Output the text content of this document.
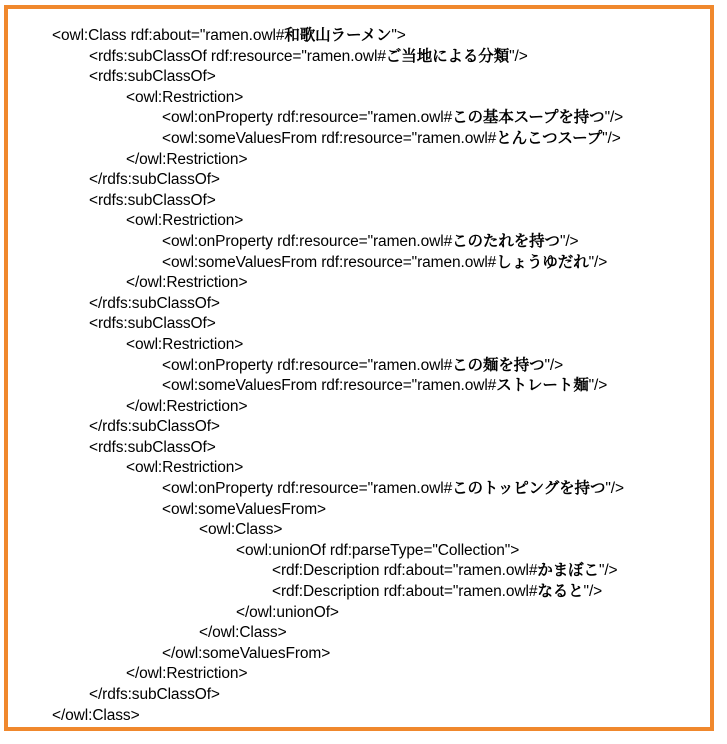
<owl:Class rdf:about="ramen.owl#和歌山ラーメン">
<rdfs:subClassOf rdf:resource="ramen.owl#ご当地による分類"/>
<rdfs:subClassOf>
<owl:Restriction>
<owl:onProperty rdf:resource="ramen.owl#この基本スープを持つ"/>
<owl:someValuesFrom rdf:resource="ramen.owl#とんこつスープ"/>
</owl:Restriction>
</rdfs:subClassOf>
<rdfs:subClassOf>
<owl:Restriction>
<owl:onProperty rdf:resource="ramen.owl#このたれを持つ"/>
<owl:someValuesFrom rdf:resource="ramen.owl#しょうゆだれ"/>
</owl:Restriction>
</rdfs:subClassOf>
<rdfs:subClassOf>
<owl:Restriction>
<owl:onProperty rdf:resource="ramen.owl#この麺を持つ"/>
<owl:someValuesFrom rdf:resource="ramen.owl#ストレート麺"/>
</owl:Restriction>
</rdfs:subClassOf>
<rdfs:subClassOf>
<owl:Restriction>
<owl:onProperty rdf:resource="ramen.owl#このトッピングを持つ"/>
<owl:someValuesFrom>
<owl:Class>
<owl:unionOf rdf:parseType="Collection">
<rdf:Description rdf:about="ramen.owl#かまぼこ"/>
<rdf:Description rdf:about="ramen.owl#なると"/>
</owl:unionOf>
</owl:Class>
</owl:someValuesFrom>
</owl:Restriction>
</rdfs:subClassOf>
</owl:Class>
